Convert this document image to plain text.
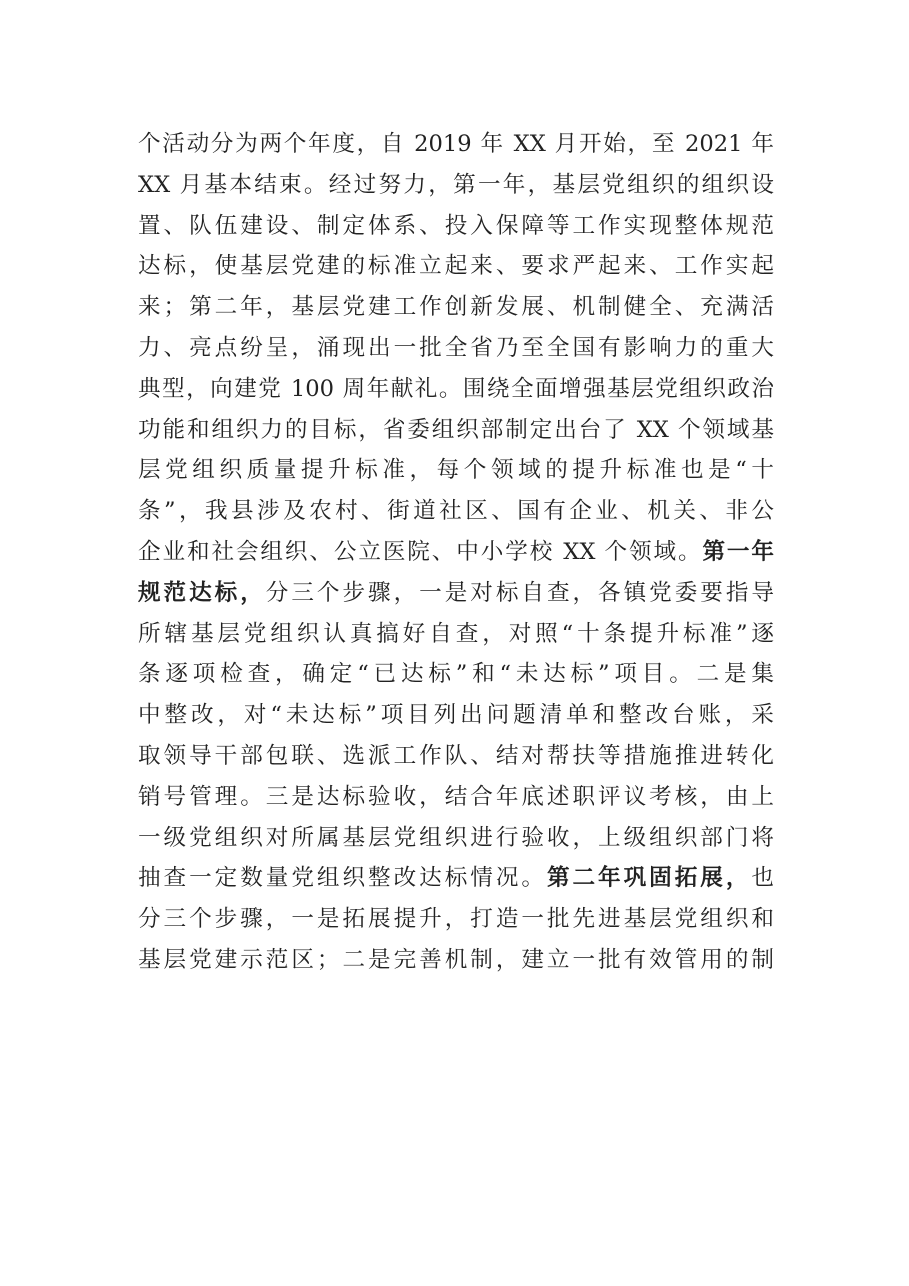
个活动分为两个年度，自 2019 年 XX 月开始，至 2021 年
XX 月基本结束。经过努力，第一年，基层党组织的组织设
置、队伍建设、制定体系、投入保障等工作实现整体规范
达标，使基层党建的标准立起来、要求严起来、工作实起
来；第二年，基层党建工作创新发展、机制健全、充满活
力、亮点纷呈，涌现出一批全省乃至全国有影响力的重大
典型，向建党 100 周年献礼。围绕全面增强基层党组织政治
功能和组织力的目标，省委组织部制定出台了 XX 个领域基
层党组织质量提升标准，每个领域的提升标准也是“十
条”，我县涉及农村、街道社区、国有企业、机关、非公
企业和社会组织、公立医院、中小学校 XX 个领域。第一年
规范达标，分三个步骤，一是对标自查，各镇党委要指导
所辖基层党组织认真搞好自查，对照“十条提升标准”逐
条逐项检查，确定“已达标”和“未达标”项目。二是集
中整改，对“未达标”项目列出问题清单和整改台账，采
取领导干部包联、选派工作队、结对帮扶等措施推进转化
销号管理。三是达标验收，结合年底述职评议考核，由上
一级党组织对所属基层党组织进行验收，上级组织部门将
抽查一定数量党组织整改达标情况。第二年巩固拓展，也
分三个步骤，一是拓展提升，打造一批先进基层党组织和
基层党建示范区；二是完善机制，建立一批有效管用的制
